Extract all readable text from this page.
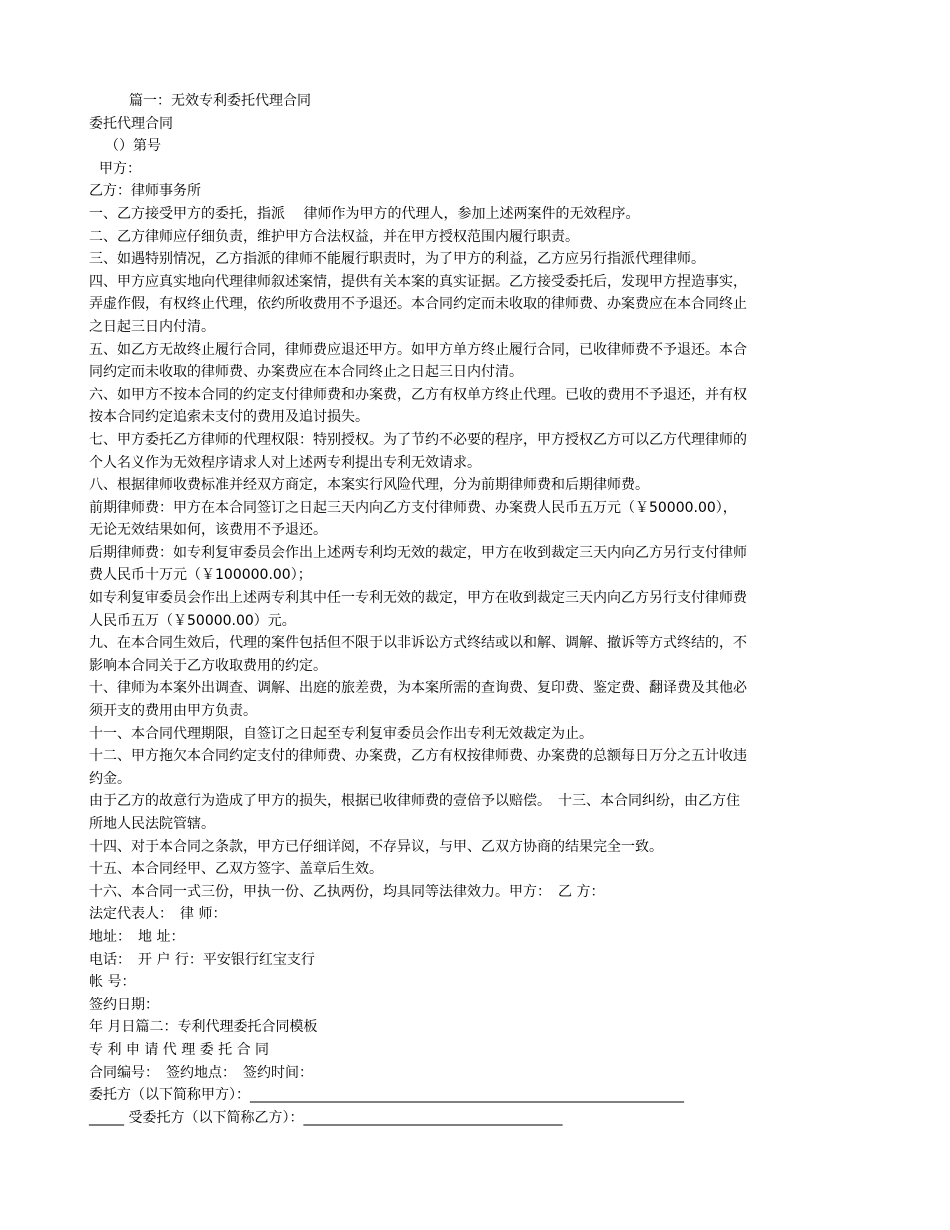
篇一：无效专利委托代理合同
委托代理合同
（）第号
甲方：
乙方：律师事务所
一、乙方接受甲方的委托，指派　 律师作为甲方的代理人，参加上述两案件的无效程序。
二、乙方律师应仔细负责，维护甲方合法权益，并在甲方授权范围内履行职责。
三、如遇特别情况，乙方指派的律师不能履行职责时，为了甲方的利益，乙方应另行指派代理律师。
四、甲方应真实地向代理律师叙述案情，提供有关本案的真实证据。乙方接受委托后，发现甲方捏造事实，
弄虚作假，有权终止代理，依约所收费用不予退还。本合同约定而未收取的律师费、办案费应在本合同终止
之日起三日内付清。
五、如乙方无故终止履行合同，律师费应退还甲方。如甲方单方终止履行合同，已收律师费不予退还。本合
同约定而未收取的律师费、办案费应在本合同终止之日起三日内付清。
六、如甲方不按本合同的约定支付律师费和办案费，乙方有权单方终止代理。已收的费用不予退还，并有权
按本合同约定追索未支付的费用及追讨损失。
七、甲方委托乙方律师的代理权限：特别授权。为了节约不必要的程序，甲方授权乙方可以乙方代理律师的
个人名义作为无效程序请求人对上述两专利提出专利无效请求。
八、根据律师收费标准并经双方商定，本案实行风险代理，分为前期律师费和后期律师费。
前期律师费：甲方在本合同签订之日起三天内向乙方支付律师费、办案费人民币五万元（￥50000.00），
无论无效结果如何，该费用不予退还。
后期律师费：如专利复审委员会作出上述两专利均无效的裁定，甲方在收到裁定三天内向乙方另行支付律师
费人民币十万元（￥100000.00）；
如专利复审委员会作出上述两专利其中任一专利无效的裁定，甲方在收到裁定三天内向乙方另行支付律师费
人民币五万（￥50000.00）元。
九、在本合同生效后，代理的案件包括但不限于以非诉讼方式终结或以和解、调解、撤诉等方式终结的，不
影响本合同关于乙方收取费用的约定。
十、律师为本案外出调查、调解、出庭的旅差费，为本案所需的查询费、复印费、鉴定费、翻译费及其他必
须开支的费用由甲方负责。
十一、本合同代理期限，自签订之日起至专利复审委员会作出专利无效裁定为止。
十二、甲方拖欠本合同约定支付的律师费、办案费，乙方有权按律师费、办案费的总额每日万分之五计收违
约金。
由于乙方的故意行为造成了甲方的损失，根据已收律师费的壹倍予以赔偿。　十三、本合同纠纷，由乙方住
所地人民法院管辖。
十四、对于本合同之条款，甲方已仔细详阅，不存异议，与甲、乙双方协商的结果完全一致。
十五、本合同经甲、乙双方签字、盖章后生效。
十六、本合同一式三份，甲执一份、乙执两份，均具同等法律效力。甲方：　乙 方：
法定代表人：　律 师：
地址：　地 址：
电话：　开 户 行：平安银行红宝支行
帐 号：
签约日期：
年 月日篇二：专利代理委托合同模板
专 利 申 请 代 理 委 托 合 同
合同编号：　签约地点：　签约时间：
委托方（以下简称甲方）：______________________________________________________________
_____ 受委托方（以下简称乙方）：_____________________________________
